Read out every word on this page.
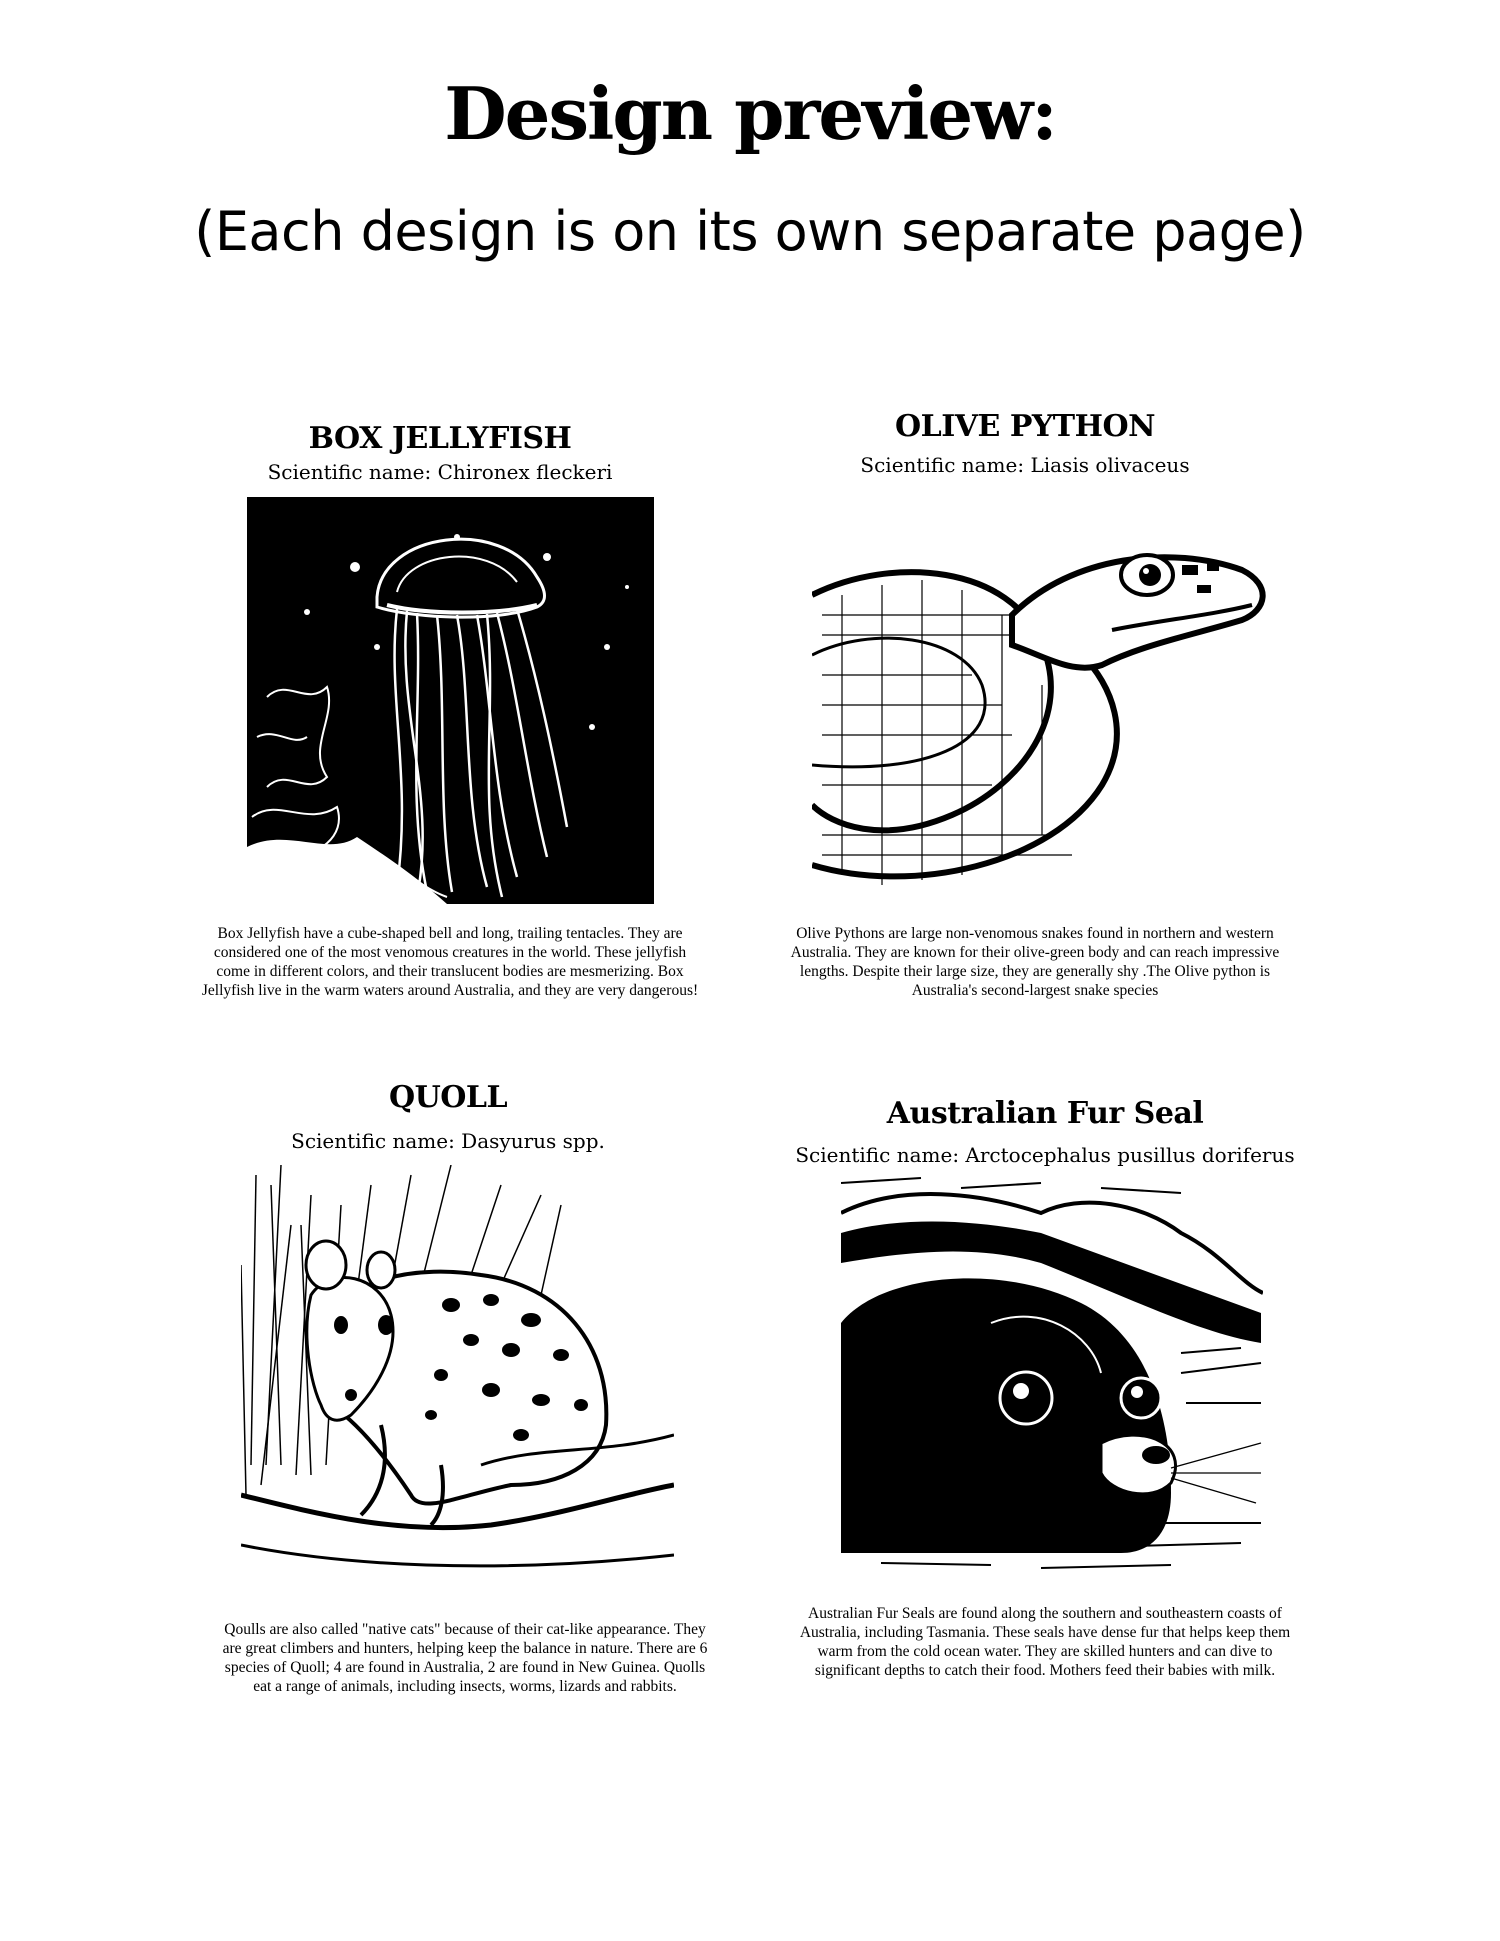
Design preview:
(Each design is on its own separate page)
BOX JELLYFISH
Scientific name: Chironex fleckeri
Box Jellyfish have a cube-shaped bell and long, trailing tentacles. They are considered one of the most venomous creatures in the world. These jellyfish come in different colors, and their translucent bodies are mesmerizing. Box Jellyfish live in the warm waters around Australia, and they are very dangerous!
OLIVE PYTHON
Scientific name: Liasis olivaceus
Olive Pythons are large non-venomous snakes found in northern and western Australia. They are known for their olive-green body and can reach impressive lengths. Despite their large size, they are generally shy .The Olive python is Australia's second-largest snake species
QUOLL
Scientific name: Dasyurus spp.
Qoulls are also called "native cats" because of their cat-like appearance. They are great climbers and hunters, helping keep the balance in nature. There are 6 species of Quoll; 4 are found in Australia, 2 are found in New Guinea. Quolls eat a range of animals, including insects, worms, lizards and rabbits.
Australian Fur Seal
Scientific name: Arctocephalus pusillus doriferus
Australian Fur Seals are found along the southern and southeastern coasts of Australia, including Tasmania. These seals have dense fur that helps keep them warm from the cold ocean water. They are skilled hunters and can dive to significant depths to catch their food. Mothers feed their babies with milk.
